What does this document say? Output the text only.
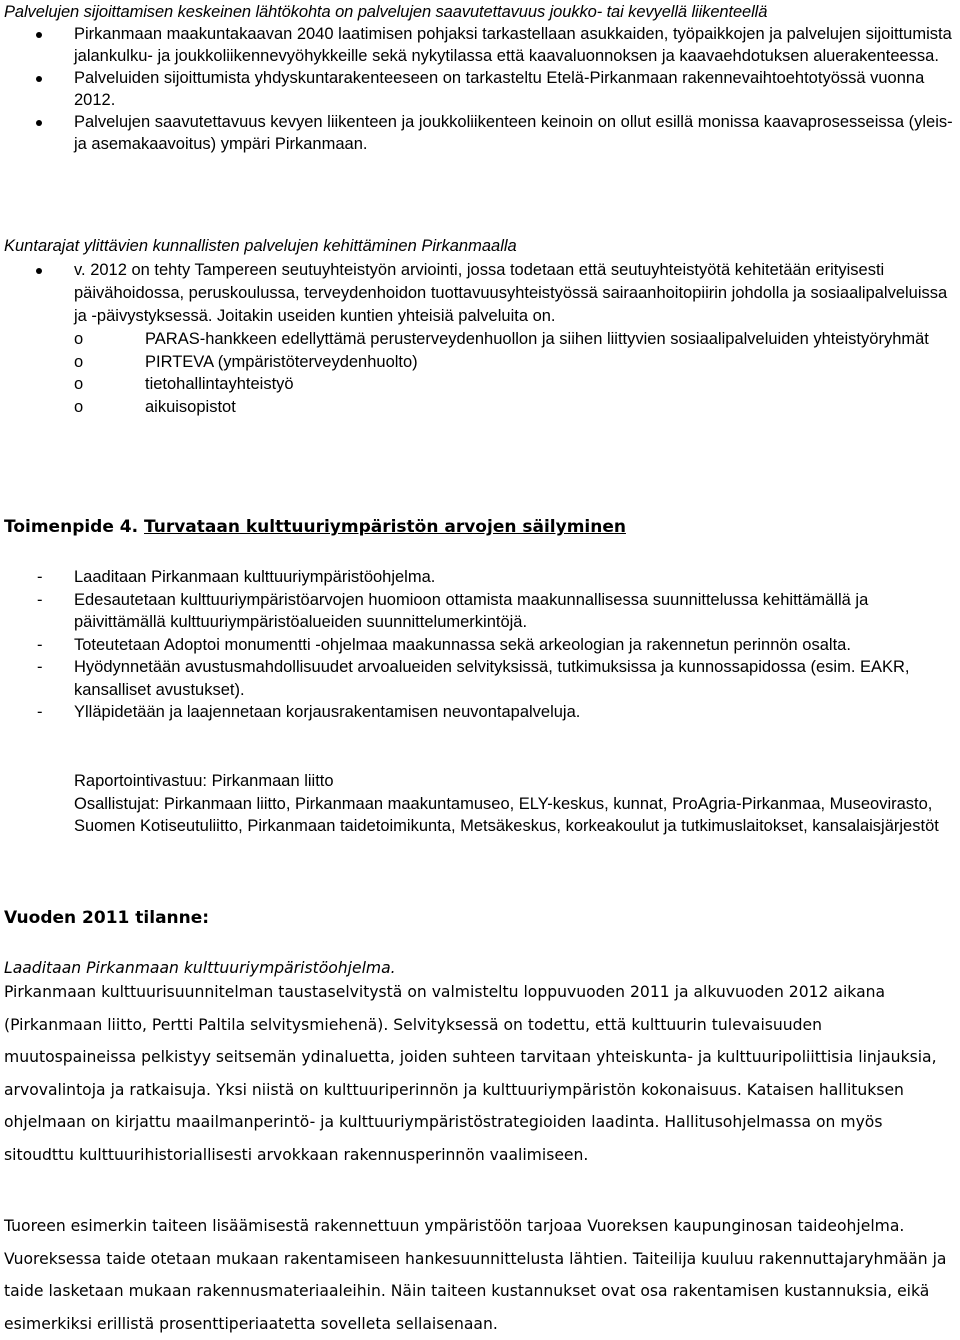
Palvelujen sijoittamisen keskeinen lähtökohta on palvelujen saavutettavuus joukko- tai kevyellä liikenteellä
Pirkanmaan maakuntakaavan 2040 laatimisen pohjaksi tarkastellaan asukkaiden, työpaikkojen ja palvelujen sijoittumista jalankulku- ja joukkoliikennevyöhykkeille sekä nykytilassa että kaavaluonnoksen ja kaavaehdotuksen aluerakenteessa.
Palveluiden sijoittumista yhdyskuntarakenteeseen on tarkasteltu Etelä-Pirkanmaan rakennevaihtoehtotyössä vuonna 2012.
Palvelujen saavutettavuus kevyen liikenteen ja joukkoliikenteen keinoin on ollut esillä monissa kaavaprosesseissa (yleis- ja asemakaavoitus) ympäri Pirkanmaan.
Kuntarajat ylittävien kunnallisten palvelujen kehittäminen Pirkanmaalla
v. 2012 on tehty Tampereen seutuyhteistyön arviointi, jossa todetaan että seutuyhteistyötä kehitetään erityisesti päivähoidossa, peruskoulussa, terveydenhoidon tuottavuusyhteistyössä sairaanhoitopiirin johdolla ja sosiaalipalveluissa ja -päivystyksessä. Joitakin useiden kuntien yhteisiä palveluita on.
o	PARAS-hankkeen edellyttämä perusterveydenhuollon ja siihen liittyvien sosiaalipalveluiden yhteistyöryhmät
o	PIRTEVA (ympäristöterveydenhuolto)
o	tietohallintayhteistyö
o	aikuisopistot
Toimenpide 4. Turvataan kulttuuriympäristön arvojen säilyminen
- Laaditaan Pirkanmaan kulttuuriympäristöohjelma.
- Edesautetaan kulttuuriympäristöarvojen huomioon ottamista maakunnallisessa suunnittelussa kehittämällä ja päivittämällä kulttuuriympäristöalueiden suunnittelumerkintöjä.
- Toteutetaan Adoptoi monumentti -ohjelmaa maakunnassa sekä arkeologian ja rakennetun perinnön osalta.
- Hyödynnetään avustusmahdollisuudet arvoalueiden selvityksissä, tutkimuksissa ja kunnossapidossa (esim. EAKR, kansalliset avustukset).
- Ylläpidetään ja laajennetaan korjausrakentamisen neuvontapalveluja.
Raportointivastuu: Pirkanmaan liitto
Osallistujat: Pirkanmaan liitto, Pirkanmaan maakuntamuseo, ELY-keskus, kunnat, ProAgria-Pirkanmaa, Museovirasto, Suomen Kotiseutuliitto, Pirkanmaan taidetoimikunta, Metsäkeskus, korkeakoulut ja tutkimuslaitokset, kansalaisjärjestöt
Vuoden 2011 tilanne:
Laaditaan Pirkanmaan kulttuuriympäristöohjelma.
Pirkanmaan kulttuurisuunnitelman taustaselvitystä on valmisteltu loppuvuoden 2011 ja alkuvuoden 2012 aikana (Pirkanmaan liitto, Pertti Paltila selvitysmiehenä). Selvityksessä on todettu, että kulttuurin tulevaisuuden muutospaineissa pelkistyy seitsemän ydinaluetta, joiden suhteen tarvitaan yhteiskunta- ja kulttuuripoliittisia linjauksia, arvovalintoja ja ratkaisuja. Yksi niistä on kulttuuriperinnön ja kulttuuriympäristön kokonaisuus. Kataisen hallituksen ohjelmaan on kirjattu maailmanperintö- ja kulttuuriympäristöstrategioiden laadinta. Hallitusohjelmassa on myös sitoudttu kulttuurihistoriallisesti arvokkaan rakennusperinnön vaalimiseen.
Tuoreen esimerkin taiteen lisäämisestä rakennettuun ympäristöön tarjoaa Vuoreksen kaupunginosan taideohjelma. Vuoreksessa taide otetaan mukaan rakentamiseen hankesuunnittelusta lähtien. Taiteilija kuuluu rakennuttajaryhmään ja taide lasketaan mukaan rakennusmateriaaleihin. Näin taiteen kustannukset ovat osa rakentamisen kustannuksia, eikä esimerkiksi erillistä prosenttiperiaatetta sovelleta sellaisenaan.
